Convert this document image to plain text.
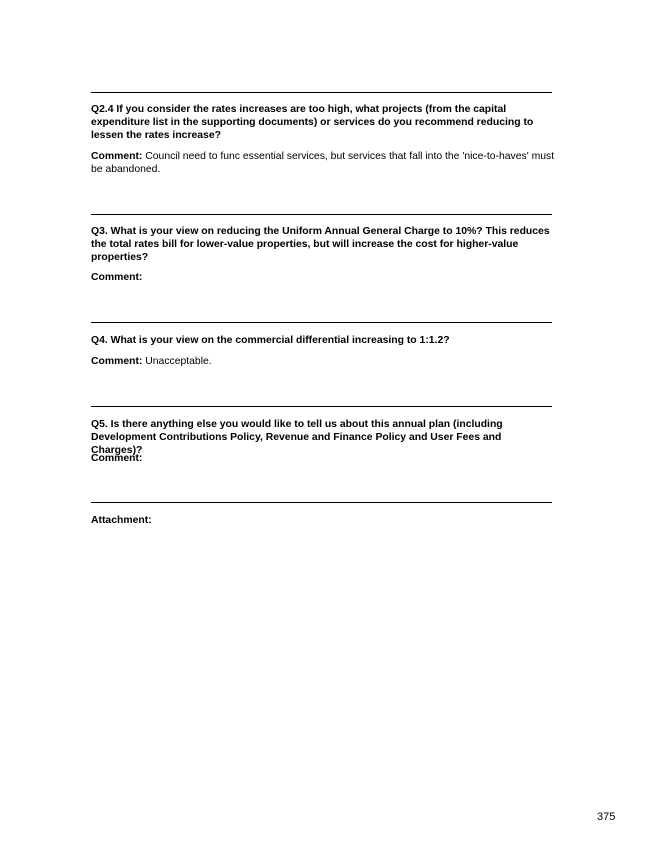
Q2.4 If you consider the rates increases are too high, what projects (from the capital expenditure list in the supporting documents) or services do you recommend reducing to lessen the rates increase?
Comment: Council need to func essential services, but services that fall into the 'nice-to-haves' must be abandoned.
Q3. What is your view on reducing the Uniform Annual General Charge to 10%? This reduces the total rates bill for lower-value properties, but will increase the cost for higher-value properties?
Comment:
Q4. What is your view on the commercial differential increasing to 1:1.2?
Comment: Unacceptable.
Q5. Is there anything else you would like to tell us about this annual plan (including Development Contributions Policy, Revenue and Finance Policy and User Fees and Charges)?
Comment:
Attachment:
375
